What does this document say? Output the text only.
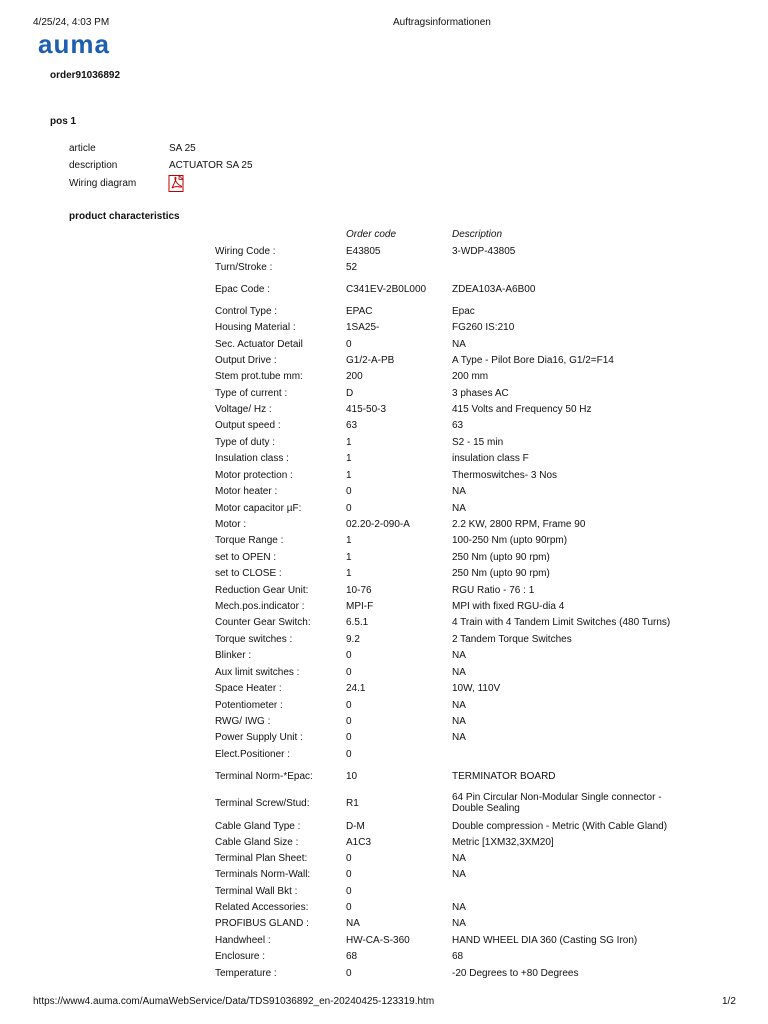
4/25/24, 4:03 PM	Auftragsinformationen
auma
order91036892
pos 1
article	SA 25
description	ACTUATOR SA 25
Wiring diagram
product characteristics
Order code	Description
Wiring Code :	E43805	3-WDP-43805
Turn/Stroke :	52
Epac Code :	C341EV-2B0L000	ZDEA103A-A6B00
Control Type :	EPAC	Epac
Housing Material :	1SA25-	FG260 IS:210
Sec. Actuator Detail	0	NA
Output Drive :	G1/2-A-PB	A Type - Pilot Bore Dia16, G1/2=F14
Stem prot.tube mm:	200	200 mm
Type of current :	D	3 phases AC
Voltage/ Hz :	415-50-3	415 Volts and Frequency 50 Hz
Output speed :	63	63
Type of duty :	1	S2 - 15 min
Insulation class :	1	insulation class F
Motor protection :	1	Thermoswitches- 3 Nos
Motor heater :	0	NA
Motor capacitor µF:	0	NA
Motor :	02.20-2-090-A	2.2 KW, 2800 RPM, Frame 90
Torque Range :	1	100-250 Nm (upto 90rpm)
set to OPEN :	1	250 Nm (upto 90 rpm)
set to CLOSE :	1	250 Nm (upto 90 rpm)
Reduction Gear Unit:	10-76	RGU Ratio - 76 : 1
Mech.pos.indicator :	MPI-F	MPI with fixed RGU-dia 4
Counter Gear Switch:	6.5.1	4 Train with 4 Tandem Limit Switches (480 Turns)
Torque switches :	9.2	2 Tandem Torque Switches
Blinker :	0	NA
Aux limit switches :	0	NA
Space Heater :	24.1	10W, 110V
Potentiometer :	0	NA
RWG/ IWG :	0	NA
Power Supply Unit :	0	NA
Elect.Positioner :	0
Terminal Norm-*Epac:	10	TERMINATOR BOARD
Terminal Screw/Stud:	R1
64 Pin Circular Non-Modular Single connector - Double Sealing
Cable Gland Type :	D-M	Double compression - Metric (With Cable Gland)
Cable Gland Size :	A1C3	Metric [1XM32,3XM20]
Terminal Plan Sheet:	0	NA
Terminals Norm-Wall:	0	NA
Terminal Wall Bkt :	0
Related Accessories:	0	NA
PROFIBUS GLAND :	NA	NA
Handwheel :	HW-CA-S-360	HAND WHEEL DIA 360 (Casting SG Iron)
Enclosure :	68	68
Temperature :	0	-20 Degrees to +80 Degrees
https://www4.auma.com/AumaWebService/Data/TDS91036892_en-20240425-123319.htm	1/2
